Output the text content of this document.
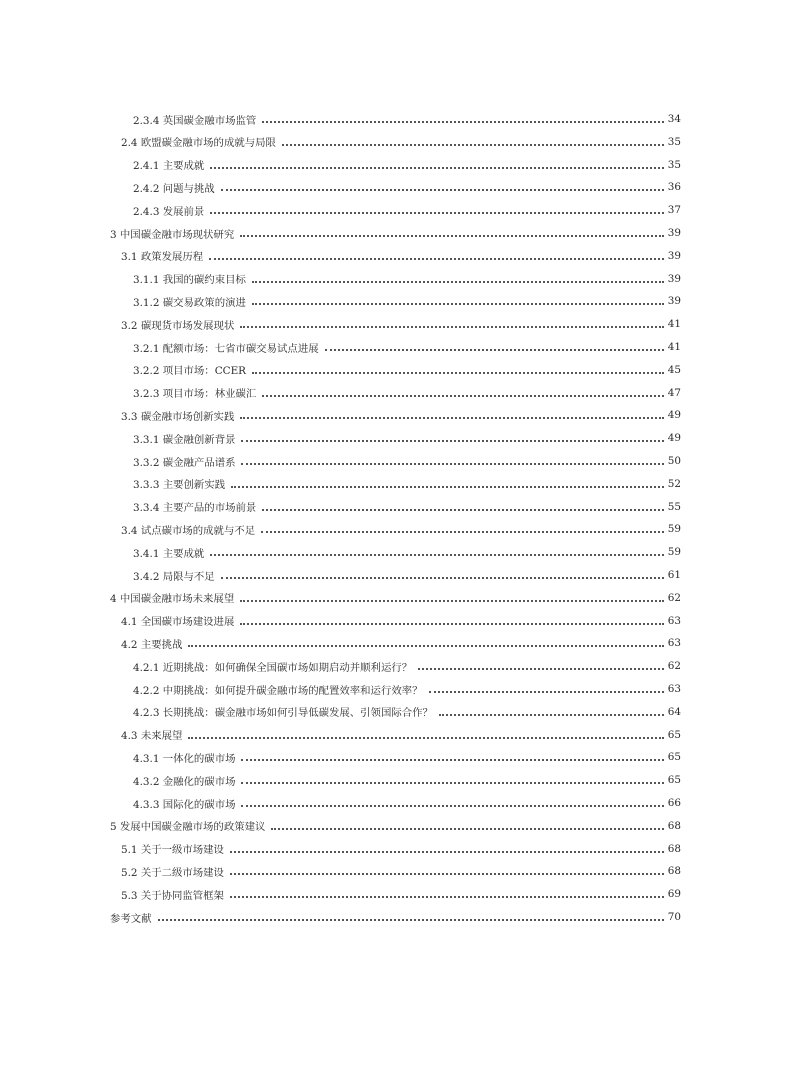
2.3.4 英国碳金融市场监管	34
2.4 欧盟碳金融市场的成就与局限	35
2.4.1 主要成就	35
2.4.2 问题与挑战	36
2.4.3 发展前景	37
3 中国碳金融市场现状研究	39
3.1 政策发展历程	39
3.1.1 我国的碳约束目标	39
3.1.2 碳交易政策的演进	39
3.2 碳现货市场发展现状	41
3.2.1 配额市场：七省市碳交易试点进展	41
3.2.2 项目市场：CCER	45
3.2.3 项目市场：林业碳汇	47
3.3 碳金融市场创新实践	49
3.3.1 碳金融创新背景	49
3.3.2 碳金融产品谱系	50
3.3.3 主要创新实践	52
3.3.4 主要产品的市场前景	55
3.4 试点碳市场的成就与不足	59
3.4.1 主要成就	59
3.4.2 局限与不足	61
4 中国碳金融市场未来展望	62
4.1 全国碳市场建设进展	63
4.2 主要挑战	63
4.2.1 近期挑战：如何确保全国碳市场如期启动并顺利运行？	62
4.2.2 中期挑战：如何提升碳金融市场的配置效率和运行效率？	63
4.2.3 长期挑战：碳金融市场如何引导低碳发展、引领国际合作？	64
4.3 未来展望	65
4.3.1 一体化的碳市场	65
4.3.2 金融化的碳市场	65
4.3.3 国际化的碳市场	66
5 发展中国碳金融市场的政策建议	68
5.1 关于一级市场建设	68
5.2 关于二级市场建设	68
5.3 关于协同监管框架	69
参考文献	70
